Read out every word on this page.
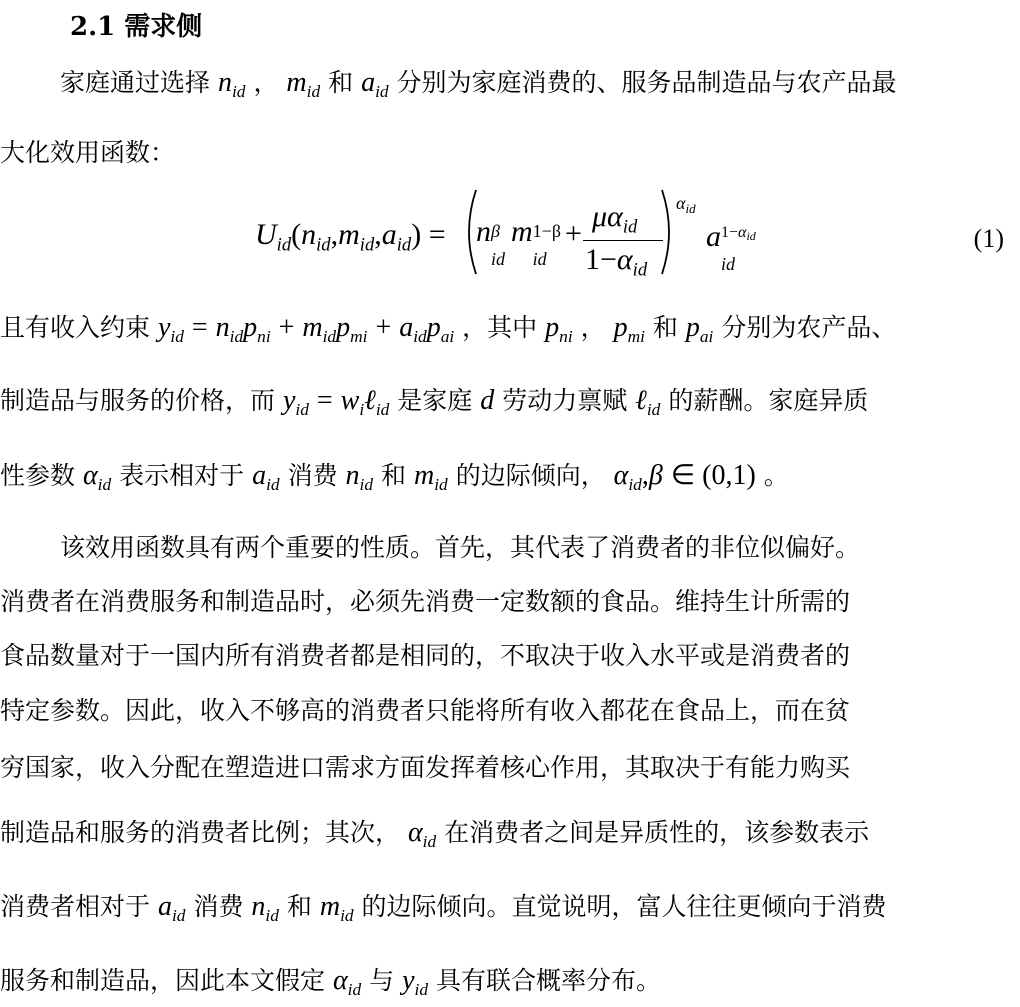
2.1 需求侧
家庭通过选择 $n_{id}$ ， $m_{id}$ 和 $a_{id}$ 分别为家庭消费的、服务品制造品与农产品最
大化效用函数：
$U_{id}(n_{id},m_{id},a_{id}) = n$ β
id
m 1−β
id
+
$\mu\alpha_{id}$
$1-\alpha_{id}$
$\alpha_{id}$
a 1−αid
id
(1)
且有收入约束 $y_{id} = n_{id}p_{ni} + m_{id}p_{mi} + a_{id}p_{ai}$ ，其中 $p_{ni}$ ， $p_{mi}$ 和 $p_{ai}$ 分别为农产品、
制造品与服务的价格，而 $y_{id}$ = $w_i\ell_{id}$ 是家庭 d 劳动力禀赋 ℓ$_{id}$ 的薪酬。家庭异质
性参数 $\alpha_{id}$ 表示相对于 $a_{id}$ 消费 $n_{id}$ 和 $m_{id}$ 的边际倾向， $\alpha_{id},\beta$ ∈ (0,1) 。
该效用函数具有两个重要的性质。首先，其代表了消费者的非位似偏好。
消费者在消费服务和制造品时，必须先消费一定数额的食品。维持生计所需的
食品数量对于一国内所有消费者都是相同的，不取决于收入水平或是消费者的
特定参数。因此，收入不够高的消费者只能将所有收入都花在食品上，而在贫
穷国家，收入分配在塑造进口需求方面发挥着核心作用，其取决于有能力购买
制造品和服务的消费者比例；其次， $\alpha_{id}$ 在消费者之间是异质性的，该参数表示
消费者相对于 $a_{id}$ 消费 $n_{id}$ 和 $m_{id}$ 的边际倾向。直觉说明，富人往往更倾向于消费
服务和制造品，因此本文假定 $\alpha_{id}$ 与 $y_{id}$ 具有联合概率分布。
